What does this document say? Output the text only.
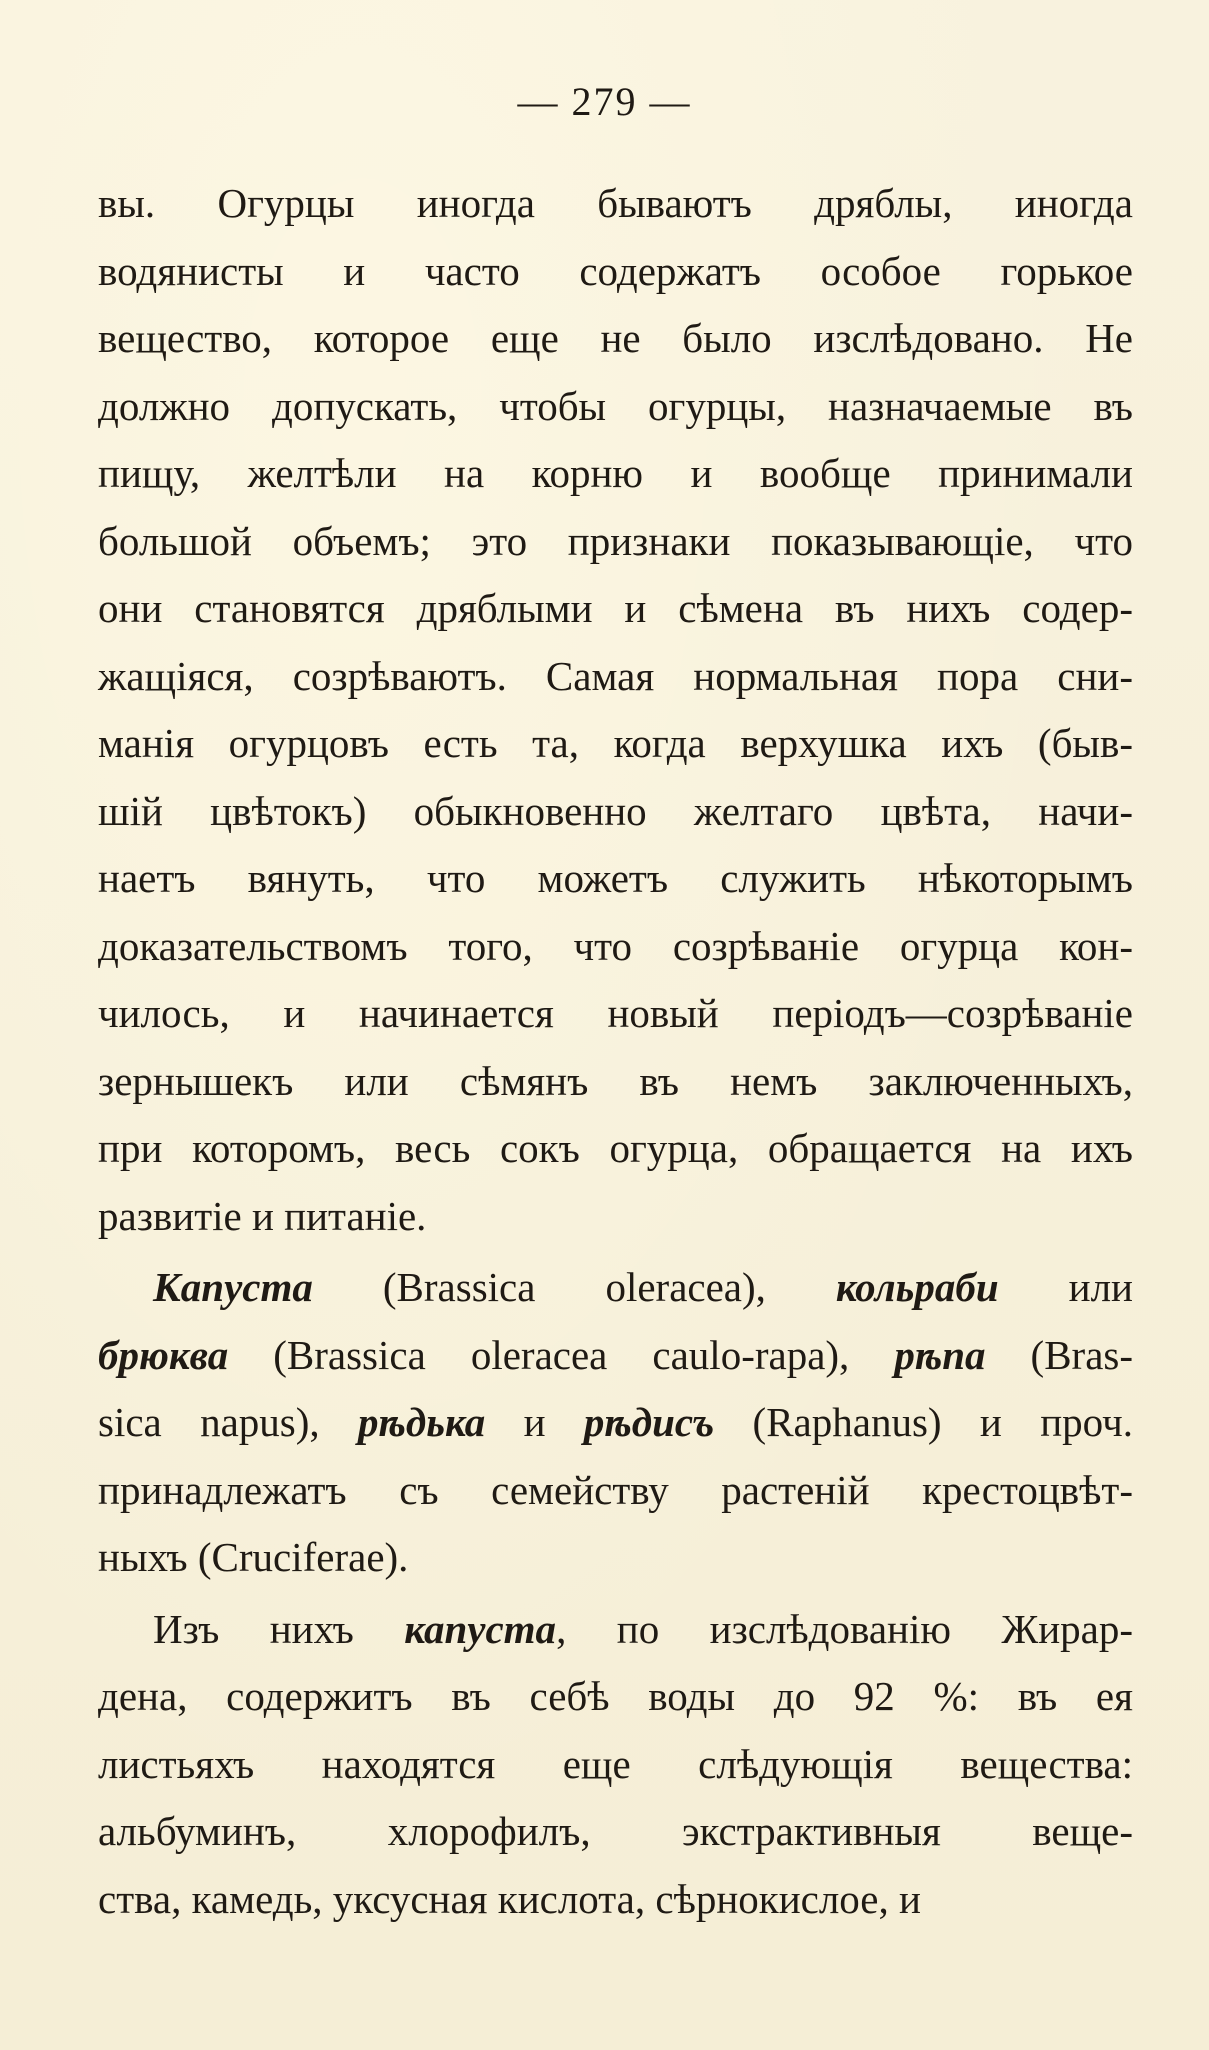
— 279 —
вы. Огурцы иногда бываютъ дряблы, иногда
водянисты и часто содержатъ особое горькое
вещество, которое еще не было изслѣдовано. Не
должно допускать, чтобы огурцы, назначаемые въ
пищу, желтѣли на корню и вообще принимали
большой объемъ; это признаки показывающіе, что
они становятся дряблыми и сѣмена въ нихъ содер-
жащіяся, созрѣваютъ. Самая нормальная пора сни-
манія огурцовъ есть та, когда верхушка ихъ (быв-
шій цвѣтокъ) обыкновенно желтаго цвѣта, начи-
наетъ вянуть, что можетъ служить нѣкоторымъ
доказательствомъ того, что созрѣваніе огурца кон-
чилось, и начинается новый періодъ—созрѣваніе
зернышекъ или сѣмянъ въ немъ заключенныхъ,
при которомъ, весь сокъ огурца, обращается на ихъ
развитіе и питаніе.
Капуста (Brassica oleracea), кольраби или
брюква (Brassica oleracea caulo-rapa), рѣпа (Bras-
sica napus), рѣдька и рѣдисъ (Raphanus) и проч.
принадлежатъ съ семейству растеній крестоцвѣт-
ныхъ (Cruciferae).
Изъ нихъ капуста, по изслѣдованію Жирар-
дена, содержитъ въ себѣ воды до 92 %: въ ея
листьяхъ находятся еще слѣдующія вещества:
альбуминъ, хлорофилъ, экстрактивныя веще-
ства, камедь, уксусная кислота, сѣрнокислое, и
